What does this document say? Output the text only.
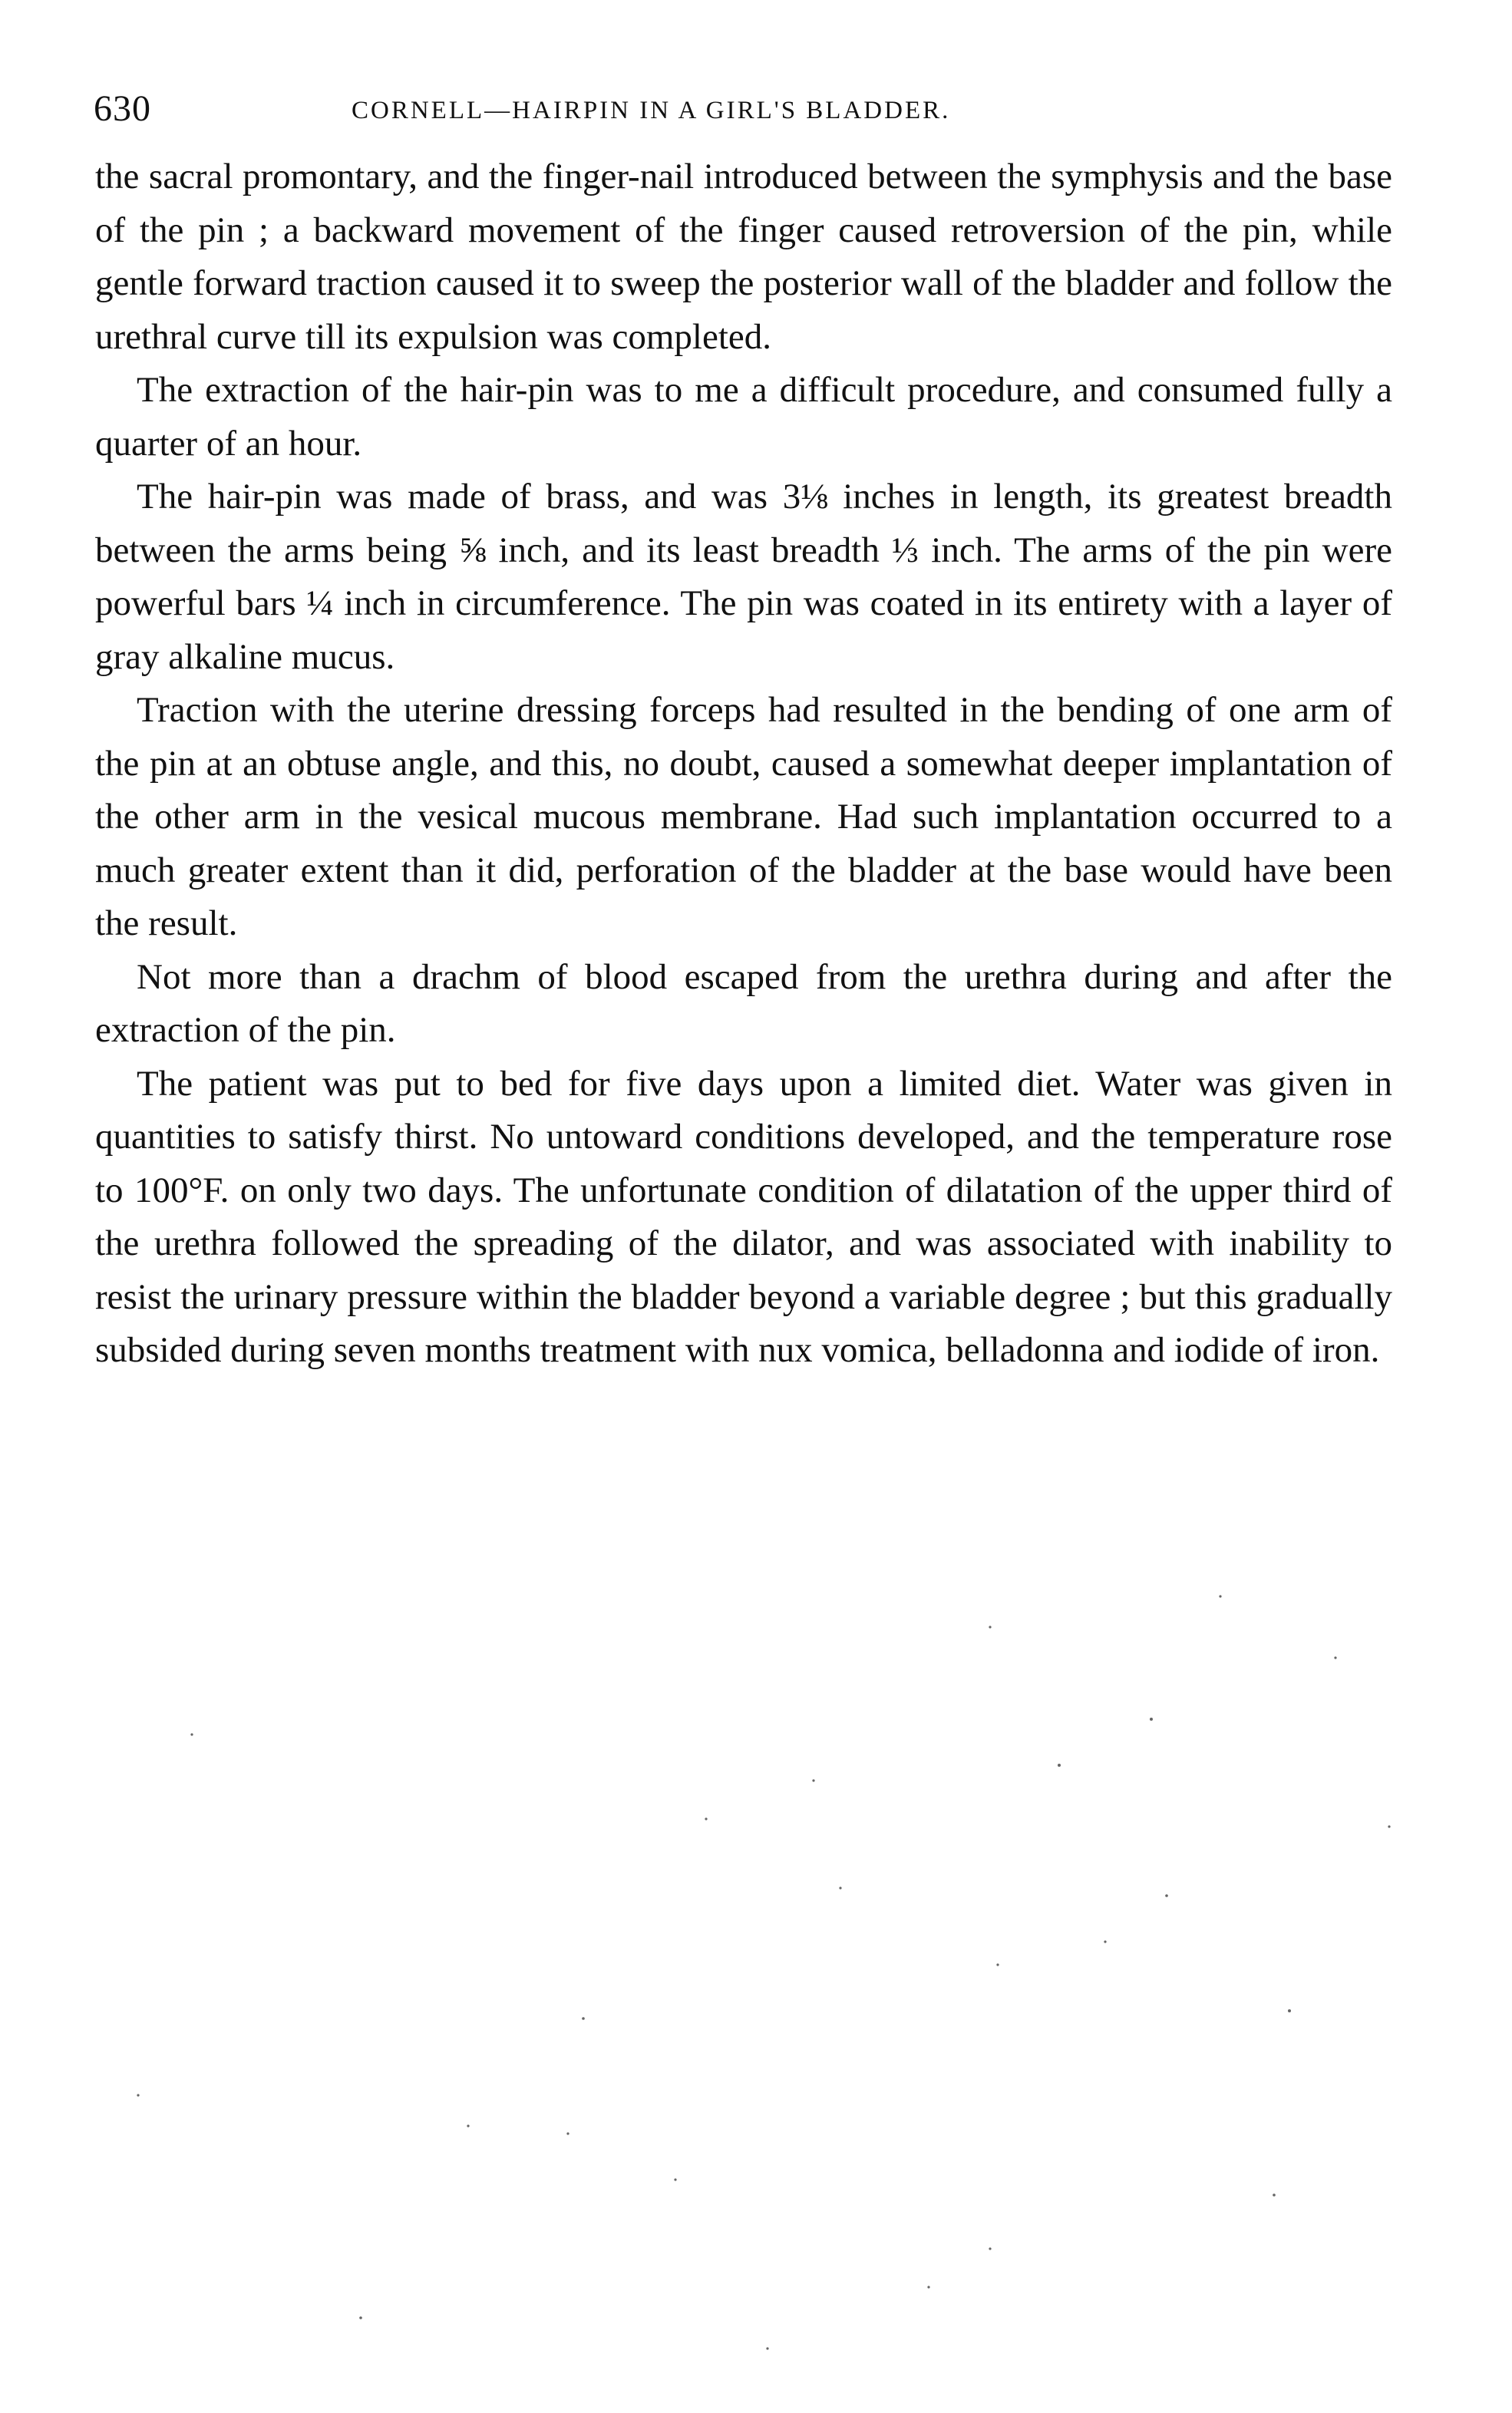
630	CORNELL—HAIRPIN IN A GIRL'S BLADDER.

the sacral promontary, and the finger-nail introduced between the symphysis and the base of the pin ; a backward movement of the finger caused retroversion of the pin, while gentle forward traction caused it to sweep the posterior wall of the bladder and follow the urethral curve till its expulsion was completed.

The extraction of the hair-pin was to me a difficult procedure, and consumed fully a quarter of an hour.

The hair-pin was made of brass, and was 3⅛ inches in length, its greatest breadth between the arms being ⅝ inch, and its least breadth ⅓ inch. The arms of the pin were powerful bars ¼ inch in circumference. The pin was coated in its entirety with a layer of gray alkaline mucus.

Traction with the uterine dressing forceps had resulted in the bending of one arm of the pin at an obtuse angle, and this, no doubt, caused a somewhat deeper implantation of the other arm in the vesical mucous membrane. Had such implantation occurred to a much greater extent than it did, perforation of the bladder at the base would have been the result.

Not more than a drachm of blood escaped from the urethra during and after the extraction of the pin.

The patient was put to bed for five days upon a limited diet. Water was given in quantities to satisfy thirst. No untoward conditions developed, and the temperature rose to 100°F. on only two days. The unfortunate condition of dilatation of the upper third of the urethra followed the spreading of the dilator, and was associated with inability to resist the urinary pressure within the bladder beyond a variable degree ; but this gradually subsided during seven months treatment with nux vomica, belladonna and iodide of iron.
